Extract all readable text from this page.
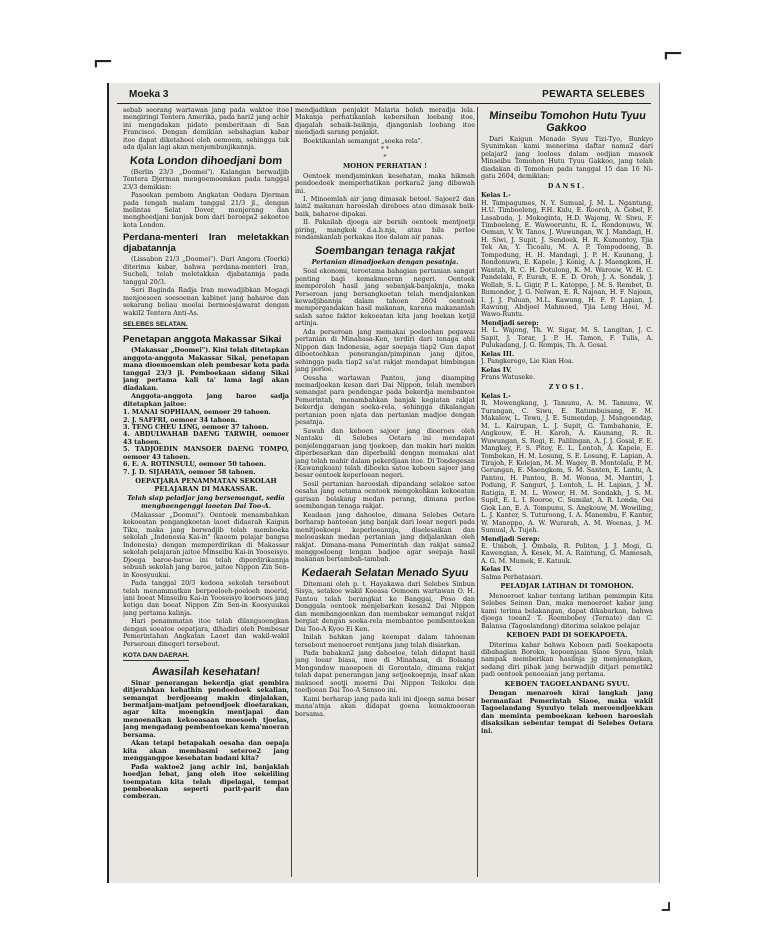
⌐	⌐
⌟
Moeka 3	PEWARTA SELEBES

sebab seorang wartawan jang pada waktoe itoe mengiringi Tentera Amerika, pada hari2 jang achir ini mengadakan pidato pemberitaan di San Francisco. Dengan demikian sebahagian kabar itoe dapat diketahoei oleh oemoem, sehingga tak ada djalan lagi akan menjembunjikannja.

Kota London dihoedjani bom

(Berlin 23/3 „Doomei"). Kalangan berwadjib Tentera Djerman mengoemoemkan pada tanggal 23/3 demikian:

Pasoekan pembom Angkatan Oedara Djerman pada tengah malam tanggal 21/3 jl., dengan melintas Selat Dover, menjerang dan menghoedjani banjak bom dari beroepa2 sekoetoe kota London.

Perdana-menteri Iran meletakkan djabatannja

(Lissabon 21/3 „Doomei"). Dari Angora (Toerki) diterima kabar, bahwa perdana-menteri Iran, Sucheli, telah meletakkan djabatannja pada tanggal 20/3.

Seri Baginda Radja Iran mewadjibkan Mogagi menjoesoen soesoenan kabinet jang baharoe dan sekarang beliau moelai bermoesjawarat dengan wakil2 Tentera Anti-As.

SELEBES SELATAN.
Penetapan anggota Makassar Sikai

(Makassar „Doomei"). Kini telah ditetapkan anggota-anggota Makassar Sikai, penetapan mana dioemoemkan oleh pembesar kota pada tanggal 23/3 jl. Pemboekaan sidang Sikai jang pertama kali ta' lama lagi akan diadakan.

Anggota-anggota jang baroe sadja ditetapkan jaitoe:

1. MANAI SOPHIAAN, oemoer 29 tahoen.
2. J. SAFFRI, oemoer 34 tahoen.
3. TENG CHEU LING, oemoer 37 tahoen.
4. ABDULWAHAB DAENG TARWIH, oemoer 43 tahoen.
5. TADJOEDIN MANSOER DAENG TOMPO, oemoer 43 tahoen.
6. E. A. ROTINSULU, oemoer 50 tahoen.
7. J. D. SIJAHAYA, oemoer 58 tahoen.
OEPATJARA PENAMMATAN SEKOLAH PELAJARAN DI MAKASSAR.
Telah siap peladjar jang bersemangat, sedia menghoengenggi laoetan Dai Too-A.

(Makassar „Doomei"). Oentoek menambahkan kekoeatan pengangkoetan laoet didaerah Kaigun Tiku, maka jang berwadjib telah memboeka sekolah „Indonesia Kai-in" (kaoem pelajar bangsa Indonesia) dengan memperdirikan di Makassar sekolah pelajaran jaitoe Minseibu Kai-in Yooseisyo. Djoega baroe-baroe ini telah diperdirikannja sebuah sekolah jang baroe, jaitoe Nippon Zin Sen-in Koosyuukai.

Pada tanggal 20/3 kedoea sekolah tersebout telah menammatkan berpoeloeh-poeloeh moerid, jani boeat Minseibu Kai-in Yooseisyo koersoes jang ketiga dan boeat Nippon Zin Sen-in Koosyuukai jang pertama kalinja.

Hari penammatan itoe telah dilangsoengkan dengan soeatoe oepatjara, dihadiri oleh Pembesar Pemerintahan Angkatan Laoet dan wakil-wakil Perseroan dinegeri tersebout.

KOTA DAN DAERAH.
Awasilah kesehatan!

Sinar penerangan bekerdja giat gembira ditjerahkan kehathin pendoedoek sekalian, semangat berdjoeang makin dinjalakan, bermatjam-matjam petoendjoek dioetarakan, agar kita moengkin mentjapai dan menoenaikan kekoeasaan moesoeh tjoelas, jang mengadang pembentoekan kema'moeran bersama.

Akan tetapi betapakah oesaha dan oepaja kita akan membasmi seteroe2 jang mengganggoe kesehatan badani kita?

Pada waktoe2 jang achir ini, banjaklah hoedjan lebat, jang oleh itoe sekeliling toempatan kita telah dipelagai, tempat pemboeakan seperti parit-parit dan comberan.

mendjadikan penjakit Malaria boleh meradja lela. Makanja perhatikanlah kebersihan loebang itoe, djagalah sebaik-baiknja, djanganlah loebang itoe mendjadi sarang penjakit.

Boektikanlah semangat „soeka rela".

* *
*
MOHON PERHATIAN !

Oentoek mendjaminkan kesehatan, maka hikmah pendoedoek memperhatikan perkara2 jang dibawah ini.

I. Minoemlah air jang dimasak betoel. Sajoer2 dan lain2 makanan haroeslah direboes atau dimasak baik-baik, baharoe dipakai.

II. Pakailah djoega air bersih oentoek mentjoetji piring, mangkok d.a.b.nja, atau bila perloe rendamkanlah perkakas itoe dalam air panas.

Soembangan tenaga rakjat
Pertanian dimadjoekan dengan pesatnja.

Soal ekonomi, teroetama bahagian pertanian sangat penting bagi kemakmoeran negeri. Oentoek memperoleh hasil jang sebanjak-banjaknja, maka Perseroan jang bersangkoetan telah mendjalankan kewadjibannja dalam tahoen 2604 oentoek mempergandakan hasil makanan, karena makananlah salah satoe faktor kekoeatan kita jang boekan ketjil artinja.

Ada perseroan jang memakai poeloehan pegawai pertanian di Minahasa-Ken, terdiri dari tenaga ahli Nippon dan Indonesia, agar soepaja tiap2 Gun dapat diboetoehkan penerangan/pimpinan jang djitoe, sehingga pada tiap2 sa'at rakjat mendapat bimbingan jang perloe.

Oesaha wartawan Pantou, jang disamping memadjoekan kesan dari Dai Nippon, telah memberi semangat para pendengar pada bekerdja membantoe Pemerintah, menambahkan banjak kegiatan rakjat bekerdja dengan soeka-rela, sehingga dikalangan pertanian poen njata dan pertanian madjoe dengan pesatnja.

Sawah dan keboen sajoer jang dioeroes oleh Nantaku di Selebes Oetara ini mendapat penjelenggaraan jang tjoekoep, dan makin hari makin diperbesarkan dan diperbaiki dengan memakai alat jang telah mahir dalam pekerdjaan itoe. Di Tondegesan (Kawangkoan) telah diboeka satoe keboen sajoer jang besar oentoek keperloean negeri.

Sosil pertanian haroeslah dipandang selakoe satoe oesaha jang oetama oentoek mengokohkan kekoeatan garisan belakang medan perang, dimana perloe soembangan tenaga rakjat.

Keadaan jang dahoeloe, dimana Selebes Oetara berharap bantoean jang banjak dari loear negeri pada menitjoekoepi keperloeannja, diselesaikan dan meloeaskan medan pertanian jang didjalankan oleh rakjat. Dimana-mana Pemerintah dan rakjat sama2 menggoeloeng lengan badjoe agar soepaja hasil makanan bertambah-tambah.

Kedaerah Selatan Menado Syuu

Ditemani oleh p. t. Hayakawa dari Selebes Sinbun Sisya, setakoe wakil Koeasa Oemoem wartawan O. H. Pantou telah berangkat ke Banggai, Poso dan Donggala oentoek menjebarkan kesan2 Dai Nippon dan membangoenkan dan membakar semangat rakjat bergiat dengan soeka-rela membantoe pembentoekan Dai Too-A Kyoo Ei Ken.

Inilah bahkan jang keempat dalam tahoenan tersebout menoeroet rentjana jang telah disiarkan.

Pada babakan2 jang dahoeloe, telah didapat hasil jang loear biasa, moe di Minahasa, di Bolaang Mongondow maoepoen di Gorontalo, dimana rakjat telah dapat penerangan jang setjoekoepnja, insaf akan maksoed soetji moerni Dai Nippon Teikoku dan toedjoean Dai Too-A Sensoo ini.

Kami berharap jang pada kali ini djoega sama besar mana'atnja akan didapat goena kemakmoeran bersama.

Minseibu Tomohon Hutu Tyuu Gakkoo

Dari Kaigun Menado Syuu Tizi-Tyo, Bunkyo Syunimkan kami menerima daftar nama2 dari pelajar2 jang loeloes dalam oedjian masoek Minseibu Tomohon Hutu Tyuu Gakkoo, jang telah diadakan di Tomohon pada tanggal 15 dan 16 Ni-gatu 2604, demikian:

DANSI.
Kelas I.-

H. Tampagumes, N. Y. Sumual, J. M. L. Ngantung, H.U. Timboeleng, F.H. Kulu, E. Rooroh, A. Gobel, F. Lasabuda, J. Mokoginta, H.D. Wajong, W. Siwu, F. Timboeleng, E. Wawoeruntu, R. L. Rondonuwu, W. Oeman, V. W. Tanos, J. Wuwungan, W. J. Mandagi, H. H. Siwi, J. Supit, J. Sendoek, H. R. Kumontoy, Tjia Tek An, Y. Ticoalu, M. A. P. Tompodoeng, B. Tompodung, H. H. Mandagi, J. P. H. Kaunang, J. Rondonuwu, E. Kapele, J. Konig, A. J. Maengkom, H. Wantah, R. C. H. Dotulong, K. M. Warouw, W. H. C. Pandelaki, F. Eurah, E. E. D. Oroh, J. A. Sondak, J. Wollah, S. L. Gigir, P. L. Katoppo, J. M. S. Rembet, D. Rumondor, J. G. Nelwan, E. R. Najoan, H. F. Najoan, I. J. J. Paluan, M.L. Kawung, H. F. P. Lapian, J. Rawung, Abdjoel Mahmoed, Tjia Leng Hoei, M. Wawo-Runtu.

Mendjadi serep:

H. L. Wajong, Th. W. Sigar, M. S. Langitan, J. C. Sapit, J. Torar, J. P. H. Tamon, F. Tulis, A. Pulukadang, J. G. Rompis, Th. A. Gosal.

Kelas III.

J. Pangkerego, Lie Kian Hoa.

Kelas IV.

Frans Watuseke.

ZYOSI.
Kelas I.-

R. Mowengkang, J. Tamunu, A. M. Tamunu, W. Turangan, C. Siwu, E. Ratumbuisang, F. M. Makalew, L. Tewu, J. E. Sumendap, J. Mangoendap, M. L. Kairupan, L. J. Supit, G. Tambahanie, E. Angkouw, E. H. Karoh, A. Kaunang, R. R. Wuwungan, S. Rogi, E. Palilingan, A. J. J. Gosal, F. E. Mangkey, F. S. Pitoy, E. L. Lontoh, A. Kapele, E. Tombokan, H. M. Losung, S. E. Losung, E. Lapian, A. Tirajoh, F. Kelejan, M. M. Wagey, B. Montolalu, P. M. Gerungan, E. Maengkom, S. M. Santen, E. Lantu, A. Pantou, H. Pantou, B. M. Wonua, M. Mantiri, J. Podung, F. Sanguri, J. Lontoh, L. H. Lapian, J. M. Ratigia, E. M. L. Wowor, H. M. Sondakh, J. S. M. Supit, E. L. I. Rooroe, C. Sumilat, A. R. Londa, Oei Giok Lan, E. A. Tompunu, S. Angkouw, M. Wowiling, L. J. Kanter, S. Tuturoong, I. A. Manembu, F. Kanter, W. Manoppo, A. W. Wurarah, A. M. Weenas, J. M. Sumual, A. Tujeh.

Mendjadi Serep:

E. Umboh, J. Ombala, R. Politon, J. J. Mogi, G. Kawengian, A. Kesek, M. A. Raintung, G. Mamesah, A. G. M. Mumek, E. Katuuk.

Kelas IV.

Salma Perbatasari.

PELADJAR LATIHAN DI TOMOHON.

Menoeroet kabar tentang latihan pemimpin Kita Selebes Seinen Dan, maka menoeroet kabar jang kami terima belakangan, dapat dikabarkan, bahwa djoega toean2 T. Roembobey (Ternate) dan C. Balansa (Tagoelandang) diterima selakoe pelajar.

KEBOEN PADI DI SOEKAPOETA.

Diterima kabar bahwa Keboen padi Soekapoeta dibahagian Boroko, kepoenjaan Siaoe Syuu, telah nampak memberikan hasilnja jg menjenangkan, sedang diri pihak jang berwadjib ditjari pemetik2 padi oentoek penoeaian jang pertama.

KEBOEN TAGOELANDANG SYUU.

Dengan menaroeh kirai langkah jang bermanfaat Pemerintah Siaoe, maka wakil Tagoelandang Syuutyo telah meroendjoekkan dan meminta pemboekaan keboen haroeslah disaksikan sebentar tempat di Selebes Oetara ini.
